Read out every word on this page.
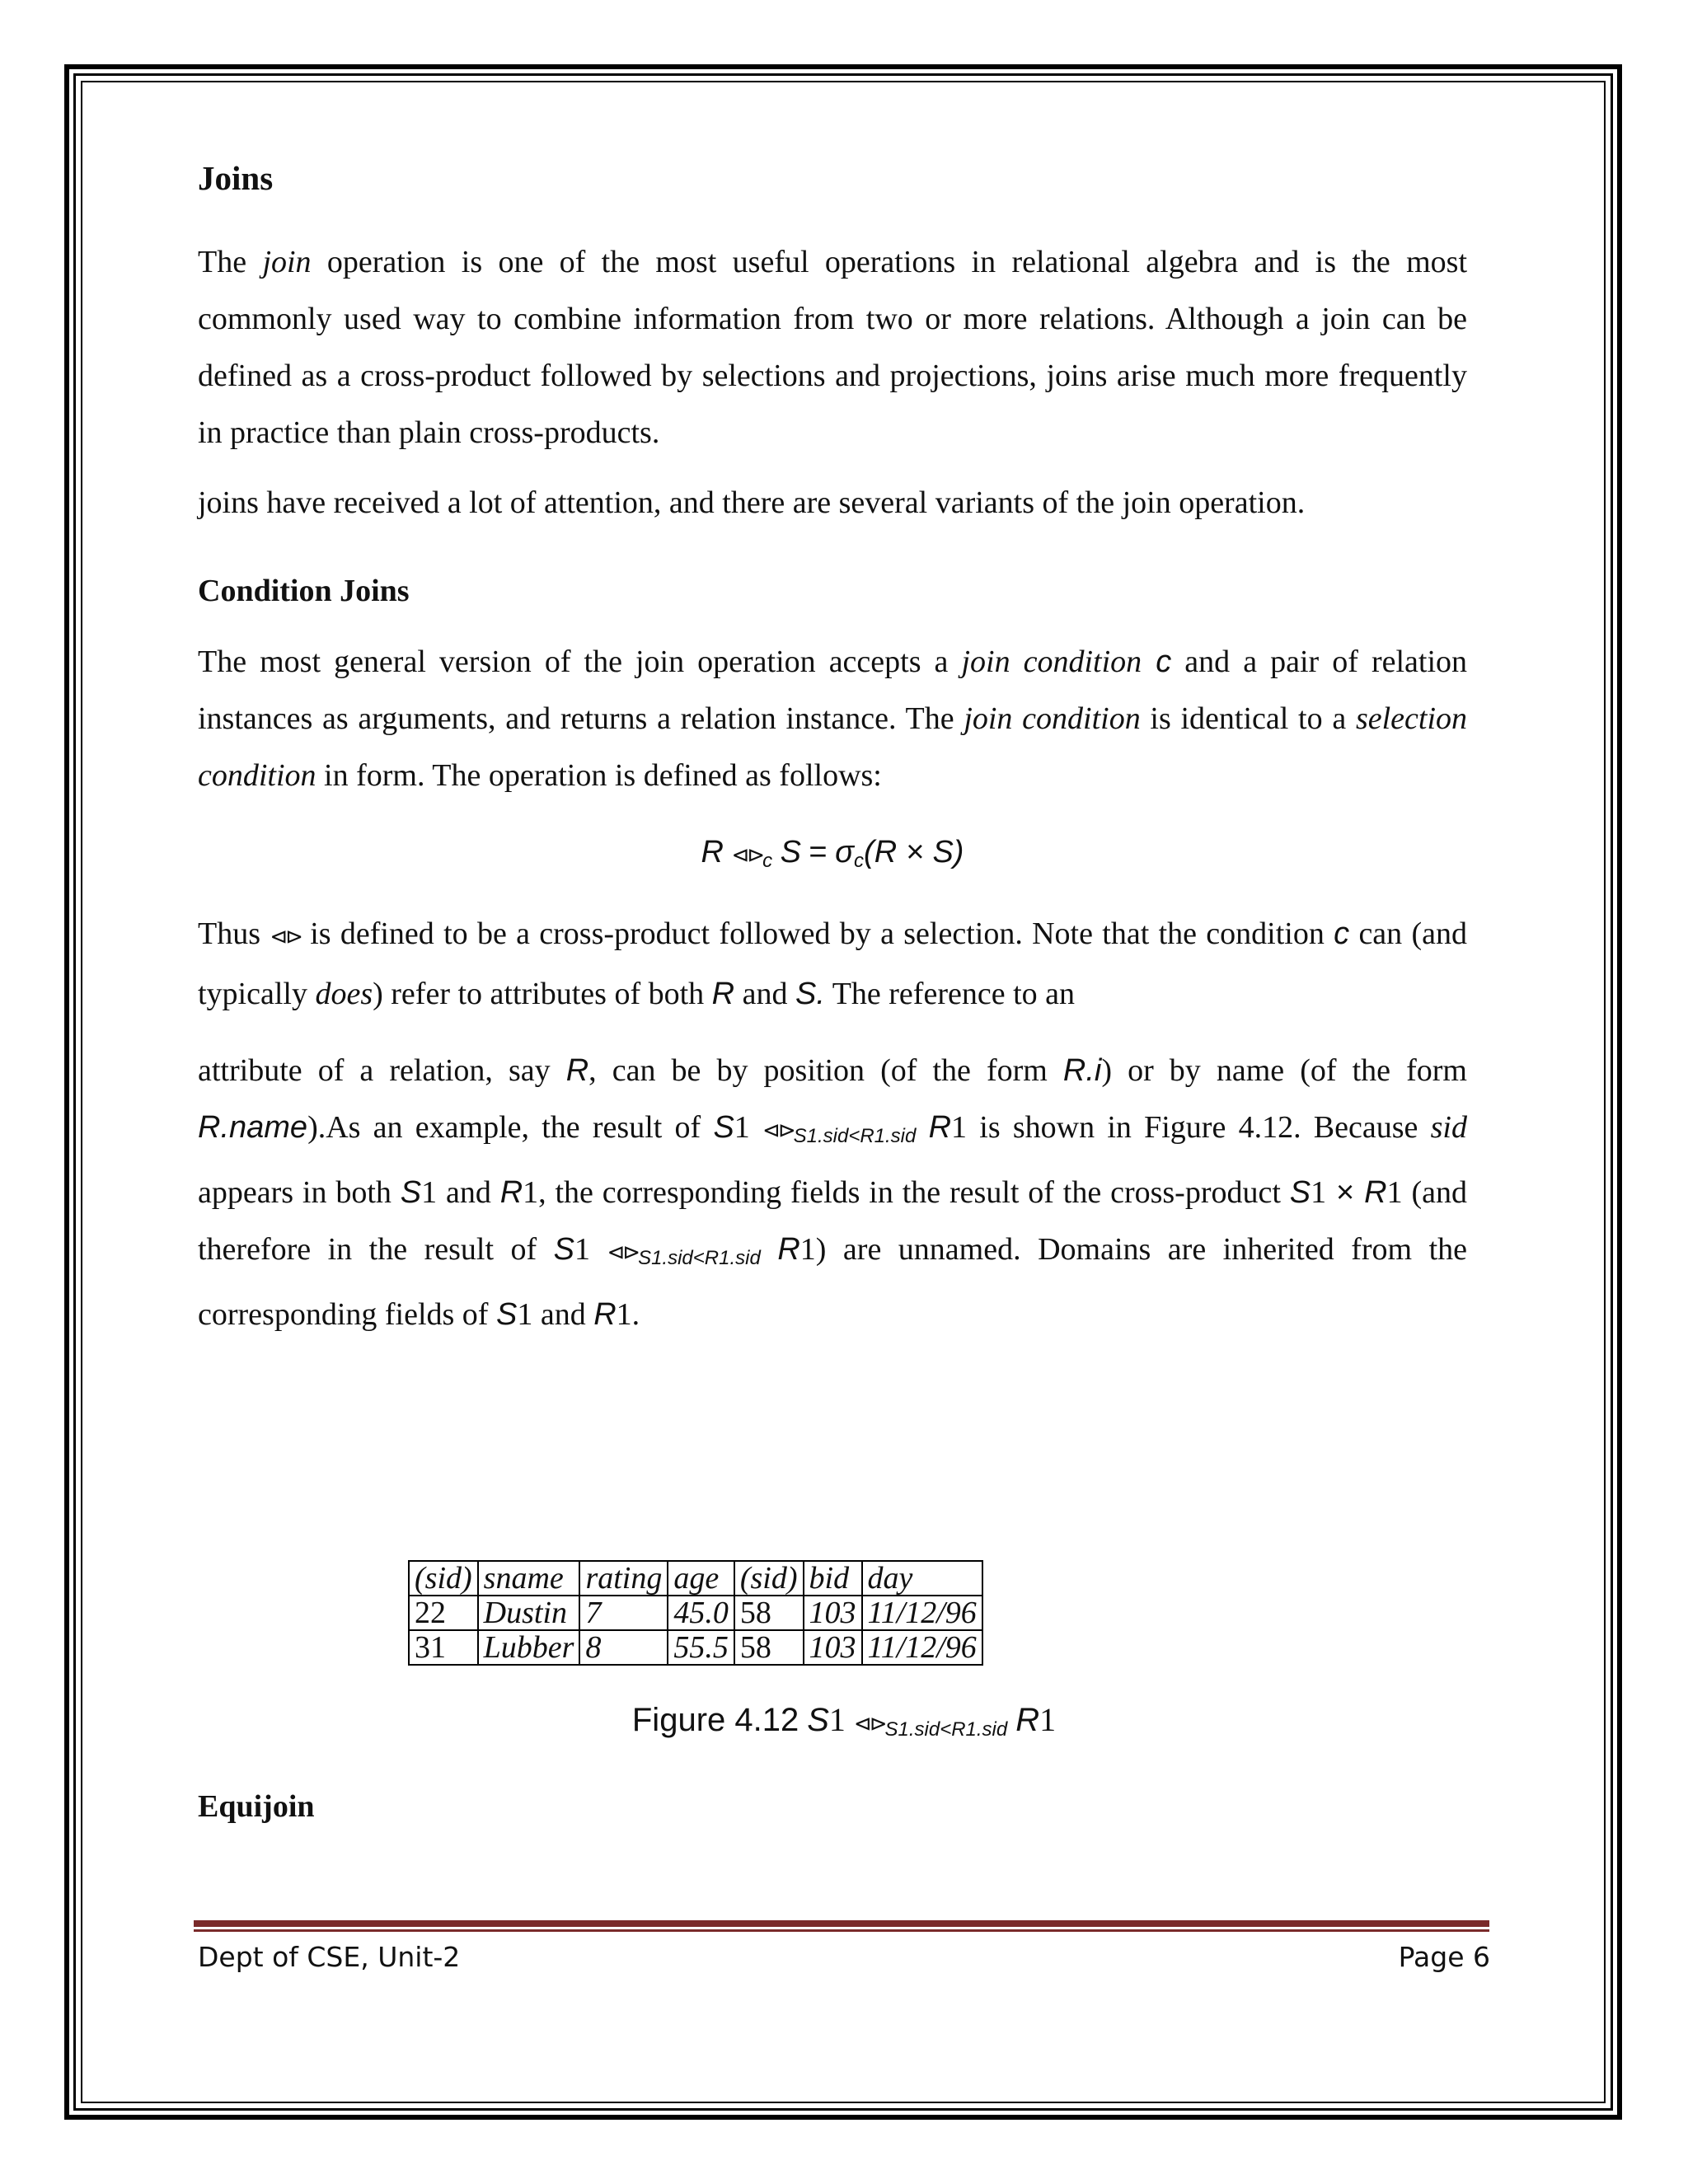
Joins

The join operation is one of the most useful operations in relational algebra and is the most commonly used way to combine information from two or more relations. Although a join can be defined as a cross-product followed by selections and projections, joins arise much more frequently in practice than plain cross-products.

joins have received a lot of attention, and there are several variants of the join operation.

Condition Joins

The most general version of the join operation accepts a join condition c and a pair of relation instances as arguments, and returns a relation instance. The join condition is identical to a selection condition in form. The operation is defined as follows:

R $⊲⊳_c$ $S = \sigma_c(R \times S)$

Thus ⊲⊳ is defined to be a cross-product followed by a selection. Note that the condition c can (and typically does) refer to attributes of both R and S. The reference to an

attribute of a relation, say R, can be by position (of the form R.i) or by name (of the form R.name).As an example, the result of S1 $⊲⊳_{S1.sid<R1.sid}$ R1 is shown in Figure 4.12. Because sid appears in both S1 and R1, the corresponding fields in the result of the cross-product S1 × R1 (and therefore in the result of S1 $⊲⊳_{S1.sid<R1.sid}$ R1) are unnamed. Domains are inherited from the corresponding fields of S1 and R1.

(sid)	sname	rating	age	(sid)	bid	day
22	Dustin	7	45.0	58	103	11/12/96
31	Lubber	8	55.5	58	103	11/12/96
Figure 4.12 S1 $⊲⊳_{S1.sid<R1.sid}$ R1
Equijoin
Dept of CSE, Unit-2	Page 6
